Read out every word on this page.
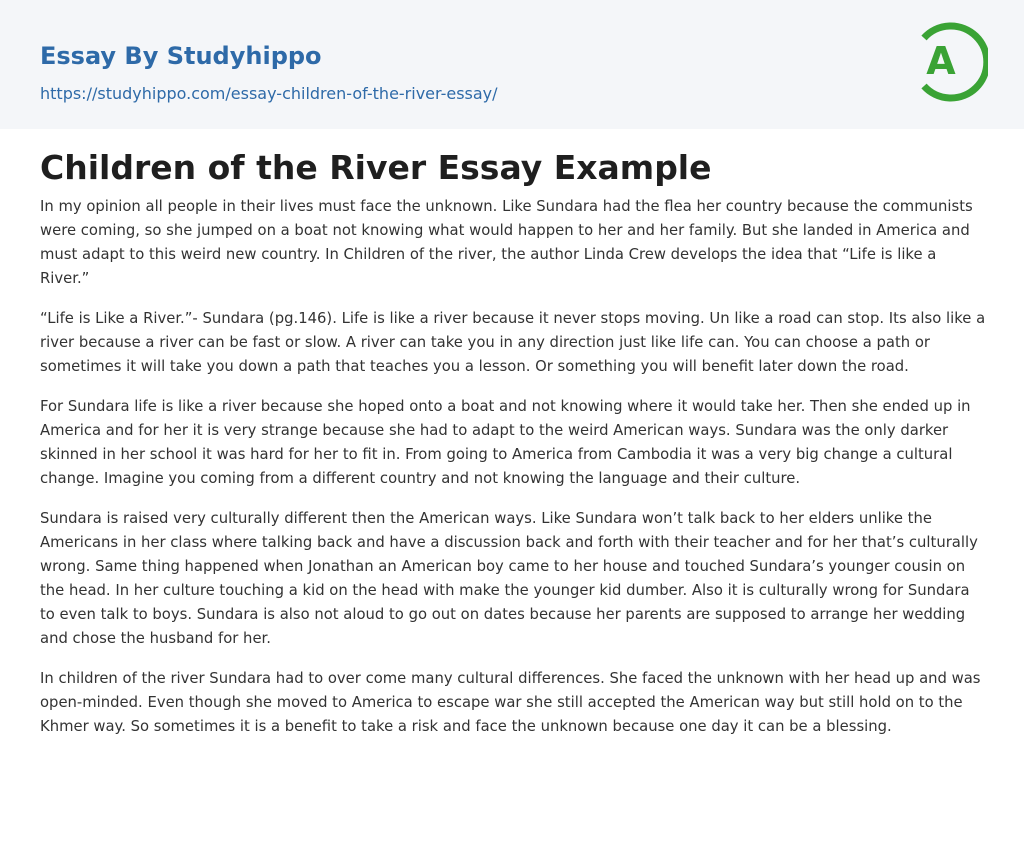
Essay By Studyhippo
https://studyhippo.com/essay-children-of-the-river-essay/
A
Children of the River Essay Example

In my opinion all people in their lives must face the unknown. Like Sundara had the flea her country because the communists were coming, so she jumped on a boat not knowing what would happen to her and her family. But she landed in America and must adapt to this weird new country. In Children of the river, the author Linda Crew develops the idea that “Life is like a River.”

“Life is Like a River.”- Sundara (pg.146). Life is like a river because it never stops moving. Un like a road can stop. Its also like a river because a river can be fast or slow. A river can take you in any direction just like life can. You can choose a path or sometimes it will take you down a path that teaches you a lesson. Or something you will benefit later down the road.

For Sundara life is like a river because she hoped onto a boat and not knowing where it would take her. Then she ended up in America and for her it is very strange because she had to adapt to the weird American ways. Sundara was the only darker skinned in her school it was hard for her to fit in. From going to America from Cambodia it was a very big change a cultural change. Imagine you coming from a different country and not knowing the language and their culture.

Sundara is raised very culturally different then the American ways. Like Sundara won’t talk back to her elders unlike the Americans in her class where talking back and have a discussion back and forth with their teacher and for her that’s culturally wrong. Same thing happened when Jonathan an American boy came to her house and touched Sundara’s younger cousin on the head. In her culture touching a kid on the head with make the younger kid dumber. Also it is culturally wrong for Sundara to even talk to boys. Sundara is also not aloud to go out on dates because her parents are supposed to arrange her wedding and chose the husband for her.

In children of the river Sundara had to over come many cultural differences. She faced the unknown with her head up and was open-minded. Even though she moved to America to escape war she still accepted the American way but still hold on to the Khmer way. So sometimes it is a benefit to take a risk and face the unknown because one day it can be a blessing.
